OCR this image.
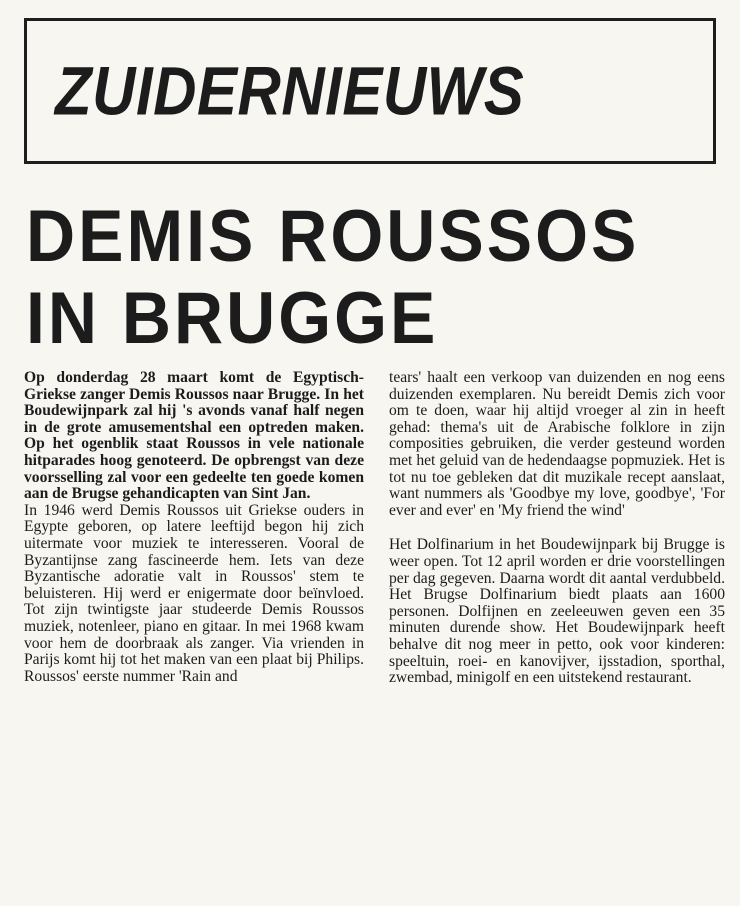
ZUIDERNIEUWS
DEMIS ROUSSOS
IN BRUGGE

Op donderdag 28 maart komt de Egyptisch-Griekse zanger Demis Roussos naar Brugge. In het Boudewijnpark zal hij 's avonds vanaf half negen in de grote amusementshal een optreden maken. Op het ogenblik staat Roussos in vele nationale hitparades hoog genoteerd. De opbrengst van deze voorsselling zal voor een gedeelte ten goede komen aan de Brugse gehandicapten van Sint Jan.

In 1946 werd Demis Roussos uit Griekse ouders in Egypte geboren, op latere leeftijd begon hij zich uitermate voor muziek te interesseren. Vooral de Byzantijnse zang fascineerde hem. Iets van deze Byzantische adoratie valt in Roussos' stem te beluisteren. Hij werd er enigermate door beïnvloed. Tot zijn twintigste jaar studeerde Demis Roussos muziek, notenleer, piano en gitaar. In mei 1968 kwam voor hem de doorbraak als zanger. Via vrienden in Parijs komt hij tot het maken van een plaat bij Philips. Roussos' eerste nummer 'Rain and

tears' haalt een verkoop van duizenden en nog eens duizenden exemplaren. Nu bereidt Demis zich voor om te doen, waar hij altijd vroeger al zin in heeft gehad: thema's uit de Arabische folklore in zijn composities gebruiken, die verder gesteund worden met het geluid van de hedendaagse popmuziek. Het is tot nu toe gebleken dat dit muzikale recept aanslaat, want nummers als 'Goodbye my love, goodbye', 'For ever and ever' en 'My friend the wind'

Het Dolfinarium in het Boudewijnpark bij Brugge is weer open. Tot 12 april worden er drie voorstellingen per dag gegeven. Daarna wordt dit aantal verdubbeld. Het Brugse Dolfinarium biedt plaats aan 1600 personen. Dolfijnen en zeeleeuwen geven een 35 minuten durende show. Het Boudewijnpark heeft behalve dit nog meer in petto, ook voor kinderen: speeltuin, roei- en kanovijver, ijsstadion, sporthal, zwembad, minigolf en een uitstekend restaurant.
